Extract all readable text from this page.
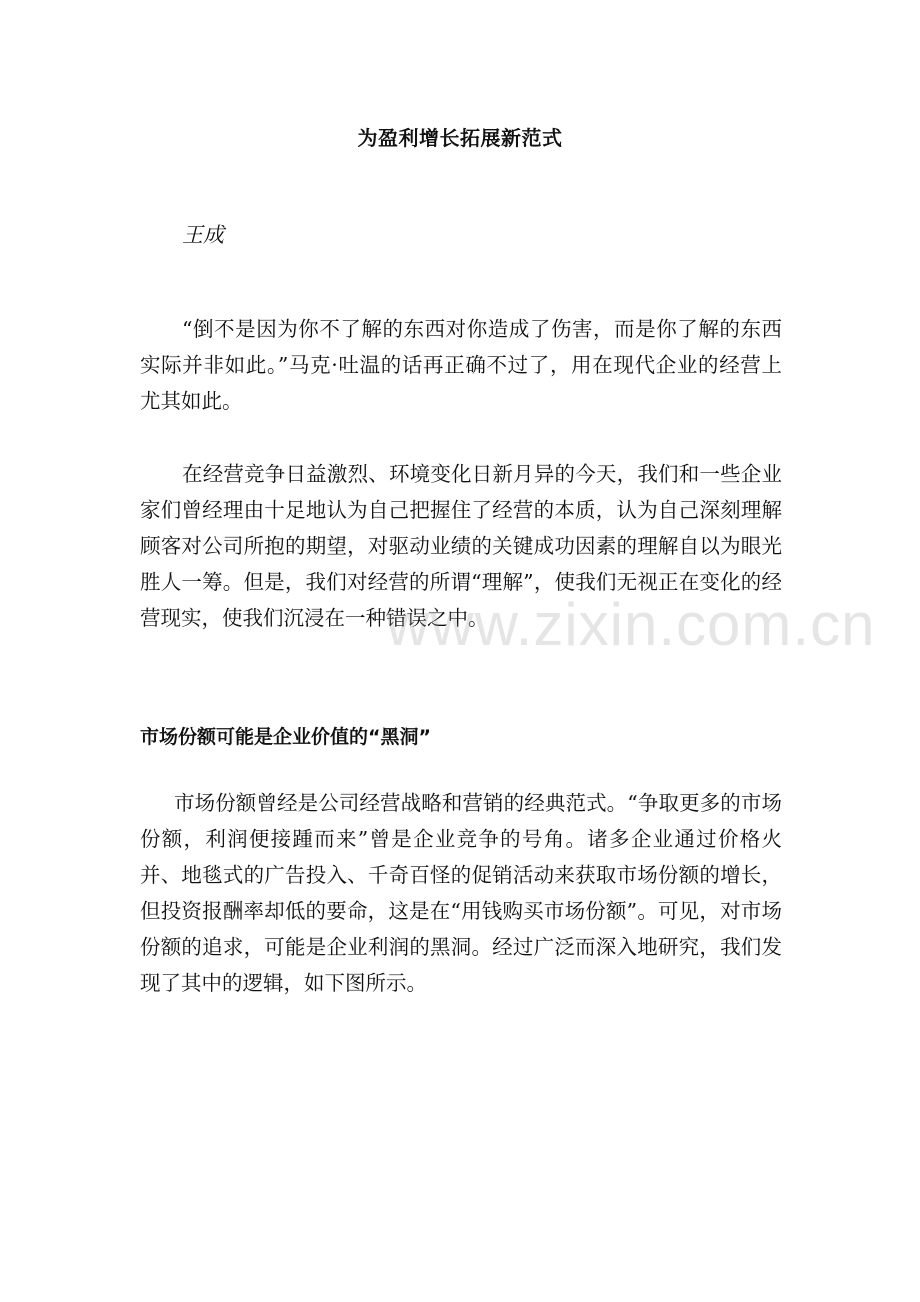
为盈利增长拓展新范式

王成

“倒不是因为你不了解的东西对你造成了伤害，而是你了解的东西实际并非如此。”马克·吐温的话再正确不过了，用在现代企业的经营上尤其如此。

在经营竞争日益激烈、环境变化日新月异的今天，我们和一些企业家们曾经理由十足地认为自己把握住了经营的本质，认为自己深刻理解顾客对公司所抱的期望，对驱动业绩的关键成功因素的理解自以为眼光胜人一筹。但是，我们对经营的所谓“理解”，使我们无视正在变化的经营现实，使我们沉浸在一种错误之中。

市场份额可能是企业价值的“黑洞”

市场份额曾经是公司经营战略和营销的经典范式。“争取更多的市场份额，利润便接踵而来”曾是企业竞争的号角。诸多企业通过价格火并、地毯式的广告投入、千奇百怪的促销活动来获取市场份额的增长，但投资报酬率却低的要命，这是在“用钱购买市场份额”。可见，对市场份额的追求，可能是企业利润的黑洞。经过广泛而深入地研究，我们发现了其中的逻辑，如下图所示。

www.zixin.com.cn
